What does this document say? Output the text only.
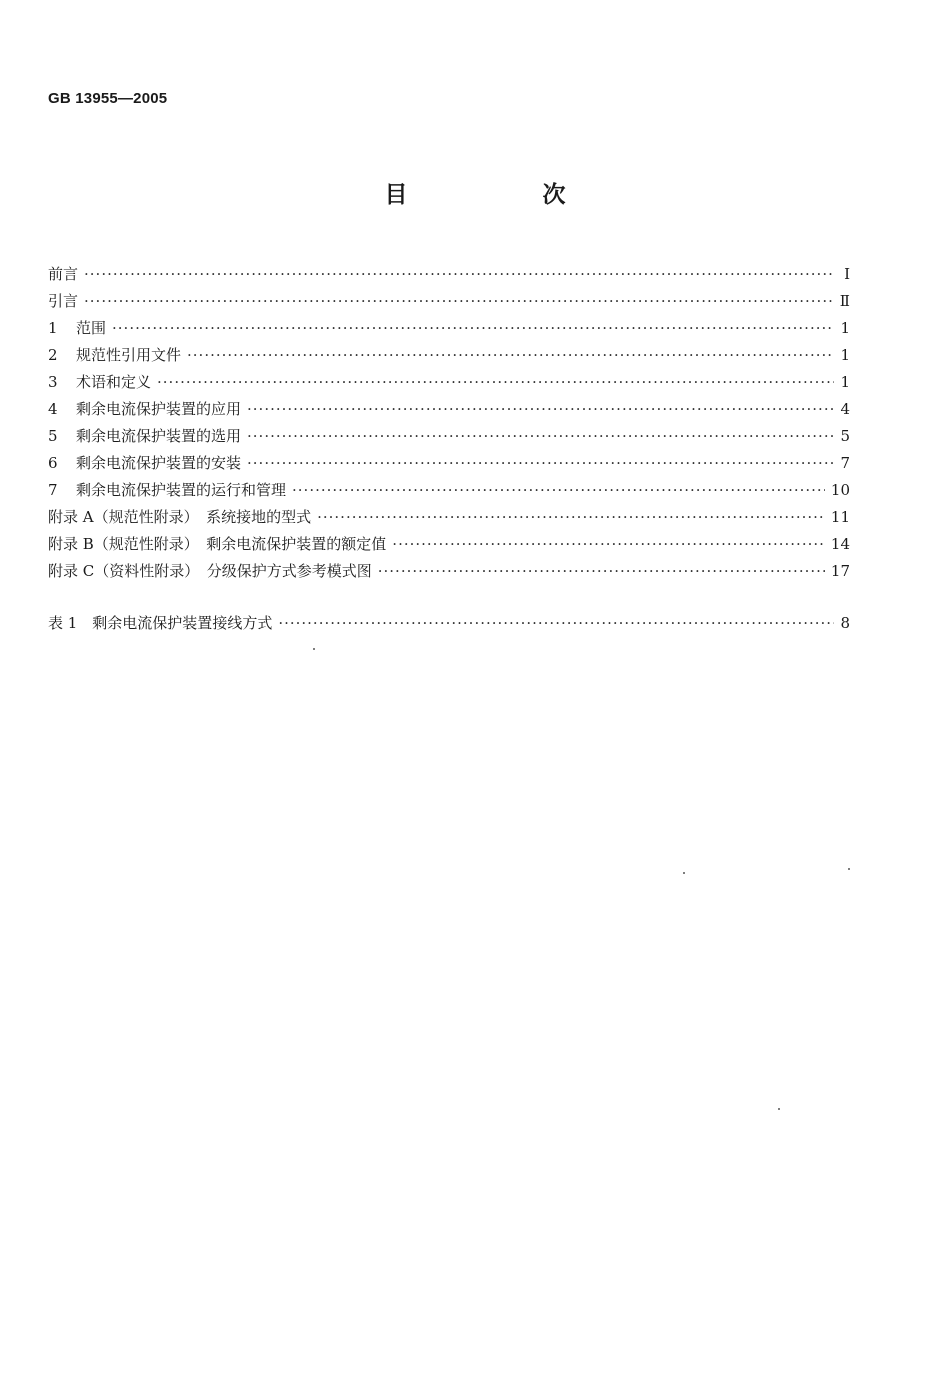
GB 13955—2005
目　次
前言 ·····	Ⅰ
引言 ·····	Ⅱ
1	范围 ·····	1
2	规范性引用文件 ·····	1
3	术语和定义 ·····	1
4	剩余电流保护装置的应用 ·····	4
5	剩余电流保护装置的选用 ·····	5
6	剩余电流保护装置的安装 ·····	7
7	剩余电流保护装置的运行和管理 ·····	10
附录 A（规范性附录）　系统接地的型式 ·····	11
附录 B（规范性附录）　剩余电流保护装置的额定值 ·····	14
附录 C（资料性附录）　分级保护方式参考模式图 ·····	17
表 1　剩余电流保护装置接线方式 ·····	8
